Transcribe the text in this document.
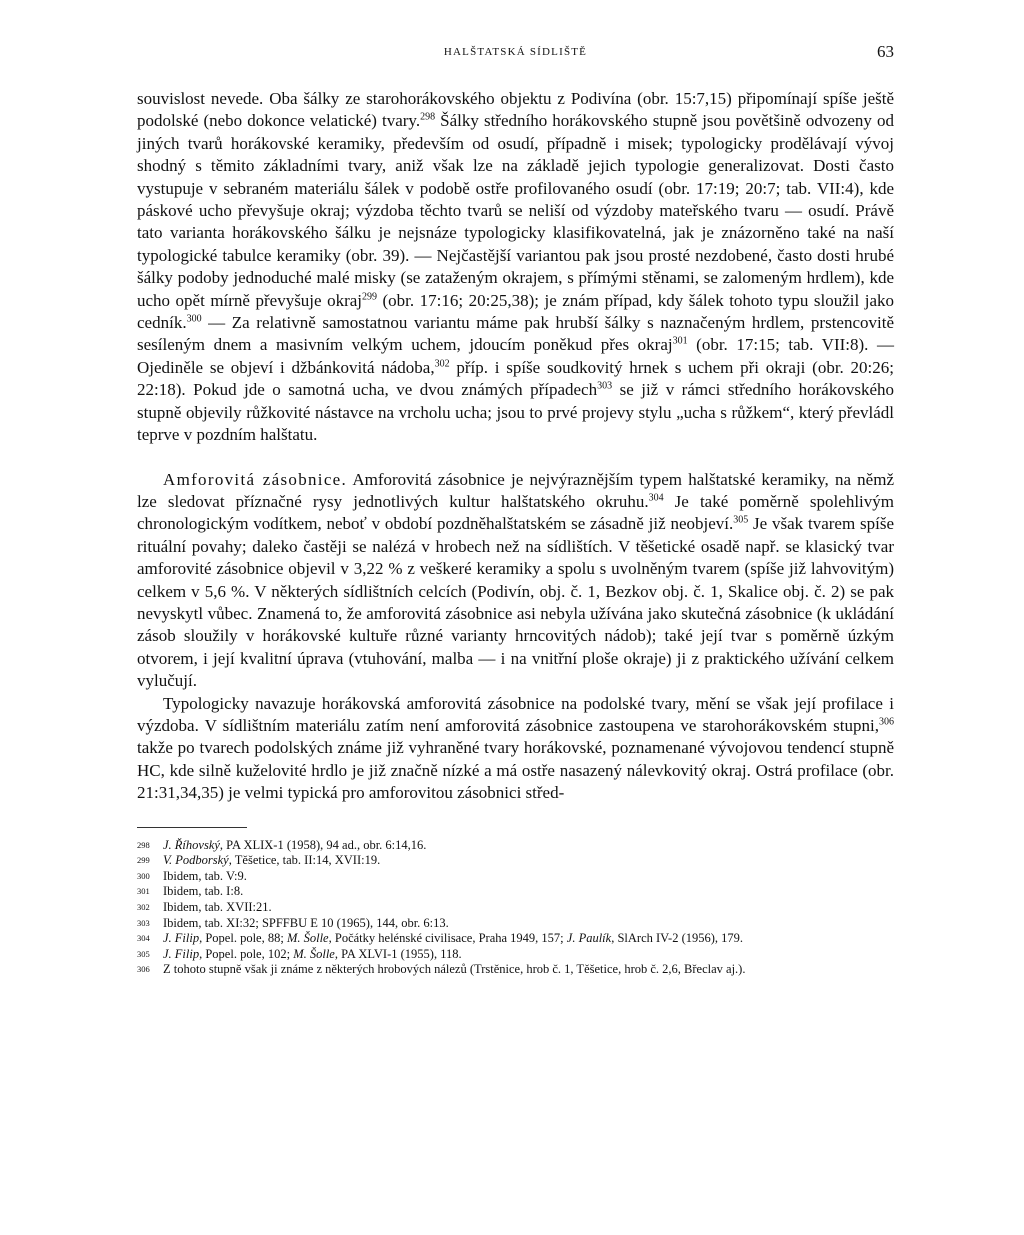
HALŠTATSKÁ SÍDLIŠTĚ	63

souvislost nevede. Oba šálky ze starohorákovského objektu z Podivína (obr. 15:7,15) připomínají spíše ještě podolské (nebo dokonce velatické) tvary.$^{298}$ Šálky středního horákovského stupně jsou povětšině odvozeny od jiných tvarů horákovské keramiky, především od osudí, případně i misek; typologicky prodělávají vývoj shodný s těmito základními tvary, aniž však lze na základě jejich typologie generalizovat. Dosti často vystupuje v sebraném materiálu šálek v podobě ostře profilovaného osudí (obr. 17:19; 20:7; tab. VII:4), kde páskové ucho převyšuje okraj; výzdoba těchto tvarů se neliší od výzdoby mateřského tvaru — osudí. Právě tato varianta horákovského šálku je nejsnáze typologicky klasifikovatelná, jak je znázorněno také na naší typologické tabulce keramiky (obr. 39). — Nejčastější variantou pak jsou prosté nezdobené, často dosti hrubé šálky podoby jednoduché malé misky (se zataženým okrajem, s přímými stěnami, se zalomeným hrdlem), kde ucho opět mírně převyšuje okraj$^{299}$ (obr. 17:16; 20:25,38); je znám případ, kdy šálek tohoto typu sloužil jako cedník.$^{300}$ — Za relativně samostatnou variantu máme pak hrubší šálky s naznačeným hrdlem, prstencovitě sesíleným dnem a masivním velkým uchem, jdoucím poněkud přes okraj$^{301}$ (obr. 17:15; tab. VII:8). — Ojediněle se objeví i džbánkovitá nádoba,$^{302}$ příp. i spíše soudkovitý hrnek s uchem při okraji (obr. 20:26; 22:18). Pokud jde o samotná ucha, ve dvou známých případech$^{303}$ se již v rámci středního horákovského stupně objevily růžkovité nástavce na vrcholu ucha; jsou to prvé projevy stylu „ucha s růžkem“, který převládl teprve v pozdním halštatu.

Amforovitá zásobnice. Amforovitá zásobnice je nejvýraznějším typem halštatské keramiky, na němž lze sledovat příznačné rysy jednotlivých kultur halštatského okruhu.$^{304}$ Je také poměrně spolehlivým chronologickým vodítkem, neboť v období pozdněhalštatském se zásadně již neobjeví.$^{305}$ Je však tvarem spíše rituální povahy; daleko častěji se nalézá v hrobech než na sídlištích. V těšetické osadě např. se klasický tvar amforovité zásobnice objevil v 3,22 % z veškeré keramiky a spolu s uvolněným tvarem (spíše již lahvovitým) celkem v 5,6 %. V některých sídlištních celcích (Podivín, obj. č. 1, Bezkov obj. č. 1, Skalice obj. č. 2) se pak nevyskytl vůbec. Znamená to, že amforovitá zásobnice asi nebyla užívána jako skutečná zásobnice (k ukládání zásob sloužily v horákovské kultuře různé varianty hrncovitých nádob); také její tvar s poměrně úzkým otvorem, i její kvalitní úprava (vtuhování, malba — i na vnitřní ploše okraje) ji z praktického užívání celkem vylučují.

Typologicky navazuje horákovská amforovitá zásobnice na podolské tvary, mění se však její profilace i výzdoba. V sídlištním materiálu zatím není amforovitá zásobnice zastoupena ve starohorákovském stupni,$^{306}$ takže po tvarech podolských známe již vyhraněné tvary horákovské, poznamenané vývojovou tendencí stupně HC, kde silně kuželovité hrdlo je již značně nízké a má ostře nasazený nálevkovitý okraj. Ostrá profilace (obr. 21:31,34,35) je velmi typická pro amforovitou zásobnici střed-

298	J. Říhovský, PA XLIX-1 (1958), 94 ad., obr. 6:14,16.
299	V. Podborský, Těšetice, tab. II:14, XVII:19.
300	Ibidem, tab. V:9.
301	Ibidem, tab. I:8.
302	Ibidem, tab. XVII:21.
303	Ibidem, tab. XI:32; SPFFBU E 10 (1965), 144, obr. 6:13.
304	J. Filip, Popel. pole, 88; M. Šolle, Počátky helénské civilisace, Praha 1949, 157; J. Paulík, SlArch IV-2 (1956), 179.
305	J. Filip, Popel. pole, 102; M. Šolle, PA XLVI-1 (1955), 118.
306	Z tohoto stupně však ji známe z některých hrobových nálezů (Trstěnice, hrob č. 1, Těšetice, hrob č. 2,6, Břeclav aj.).
